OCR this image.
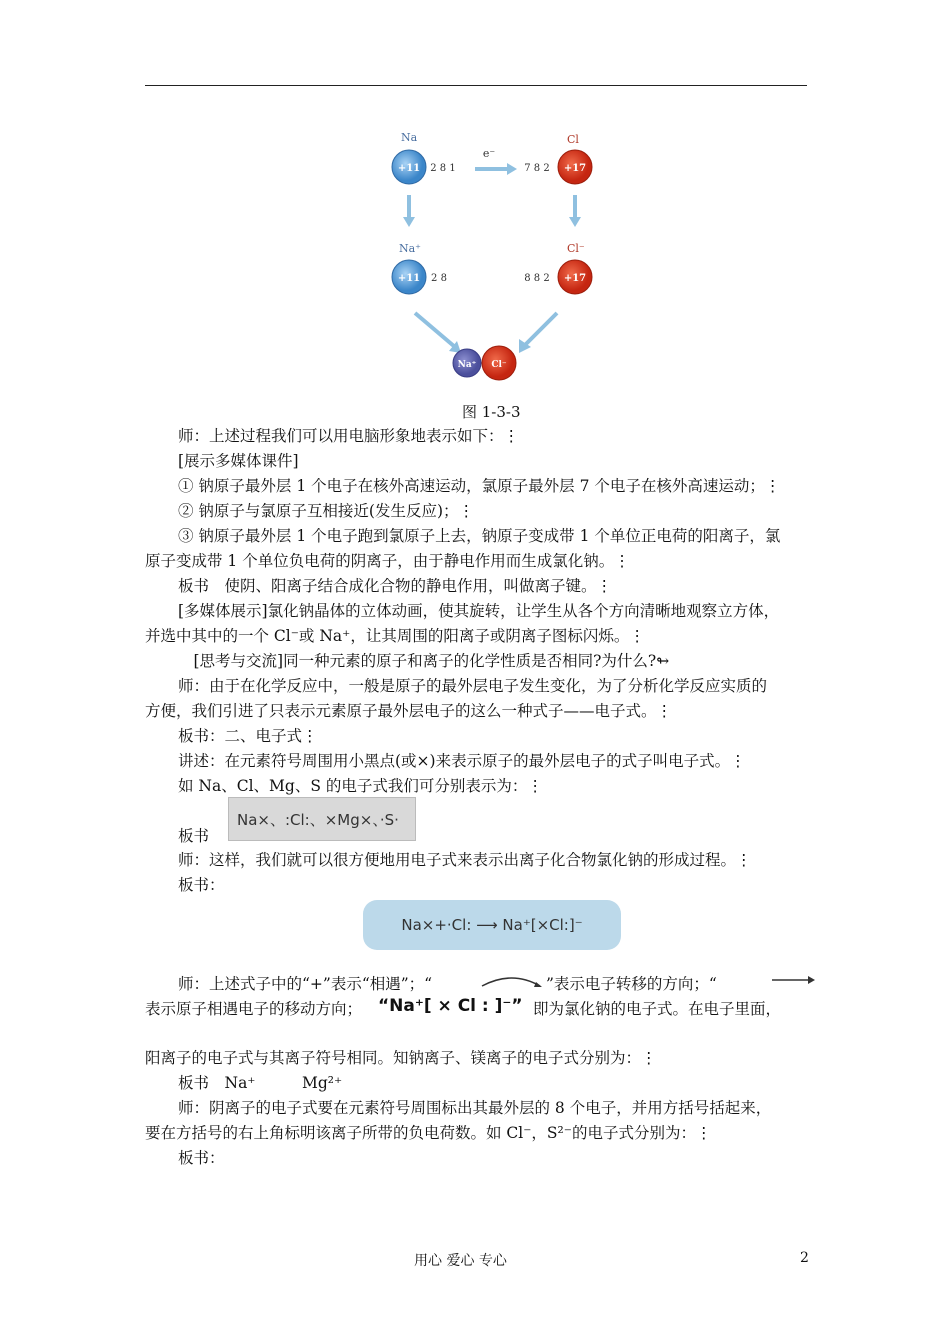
Na
+11 2 8 1
e⁻
Cl
+17
7 8 2
Na⁺
+11 2 8
Cl⁻
+17
8 8 2
Na⁺ Cl⁻
图 1-3-3
师：上述过程我们可以用电脑形象地表示如下：⋮
[展示多媒体课件]
① 钠原子最外层 1 个电子在核外高速运动，氯原子最外层 7 个电子在核外高速运动；⋮
② 钠原子与氯原子互相接近(发生反应)；⋮
③ 钠原子最外层 1 个电子跑到氯原子上去，钠原子变成带 1 个单位正电荷的阳离子，氯
原子变成带 1 个单位负电荷的阴离子，由于静电作用而生成氯化钠。⋮
板书　使阴、阳离子结合成化合物的静电作用，叫做离子键。⋮
[多媒体展示]氯化钠晶体的立体动画，使其旋转，让学生从各个方向清晰地观察立方体，
并选中其中的一个 Cl⁻或 Na⁺，让其周围的阳离子或阴离子图标闪烁。⋮
　[思考与交流]同一种元素的原子和离子的化学性质是否相同?为什么?↬
师：由于在化学反应中，一般是原子的最外层电子发生变化，为了分析化学反应实质的
方便，我们引进了只表示元素原子最外层电子的这么一种式子——电子式。⋮
板书：二、电子式⋮
讲述：在元素符号周围用小黑点(或×)来表示原子的最外层电子的式子叫电子式。⋮
如 Na、Cl、Mg、S 的电子式我们可分别表示为：⋮
Na×、:Cl:、×Mg×、·S·
板书
师：这样，我们就可以很方便地用电子式来表示出离子化合物氯化钠的形成过程。⋮
板书：
Na×+·Cl: ⟶ Na⁺[×Cl:]⁻
师：上述式子中的“+”表示“相遇”；“	”表示电子转移的方向；“
表示原子相遇电子的移动方向； “Na⁺[ × Cl : ]⁻” 即为氯化钠的电子式。在电子里面，
阳离子的电子式与其离子符号相同。知钠离子、镁离子的电子式分别为：⋮
板书　Na⁺　　　Mg²⁺
师：阴离子的电子式要在元素符号周围标出其最外层的 8 个电子，并用方括号括起来，
要在方括号的右上角标明该离子所带的负电荷数。如 Cl⁻，S²⁻的电子式分别为：⋮
板书：
用心 爱心 专心	2
